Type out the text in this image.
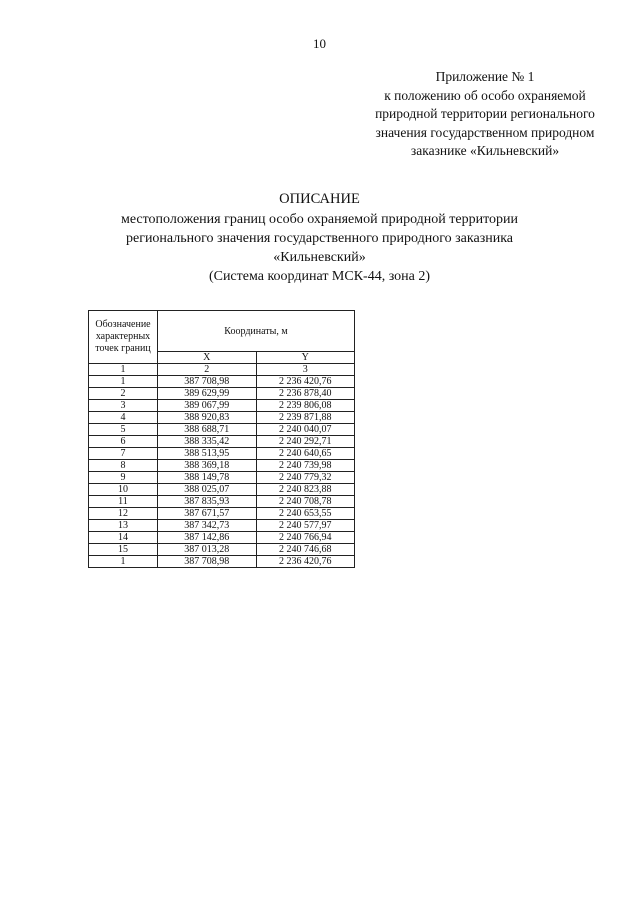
10
Приложение № 1
к положению об особо охраняемой
природной территории регионального
значения государственном природном
заказнике «Кильневский»
ОПИСАНИЕ
местоположения границ особо охраняемой природной территории
регионального значения государственного природного заказника
«Кильневский»
(Система координат МСК-44, зона 2)
Обозначение характерных точек границ	Координаты, м	
	X	Y
1	2	3
1	387 708,98	2 236 420,76
2	389 629,99	2 236 878,40
3	389 067,99	2 239 806,08
4	388 920,83	2 239 871,88
5	388 688,71	2 240 040,07
6	388 335,42	2 240 292,71
7	388 513,95	2 240 640,65
8	388 369,18	2 240 739,98
9	388 149,78	2 240 779,32
10	388 025,07	2 240 823,88
11	387 835,93	2 240 708,78
12	387 671,57	2 240 653,55
13	387 342,73	2 240 577,97
14	387 142,86	2 240 766,94
15	387 013,28	2 240 746,68
1	387 708,98	2 236 420,76
